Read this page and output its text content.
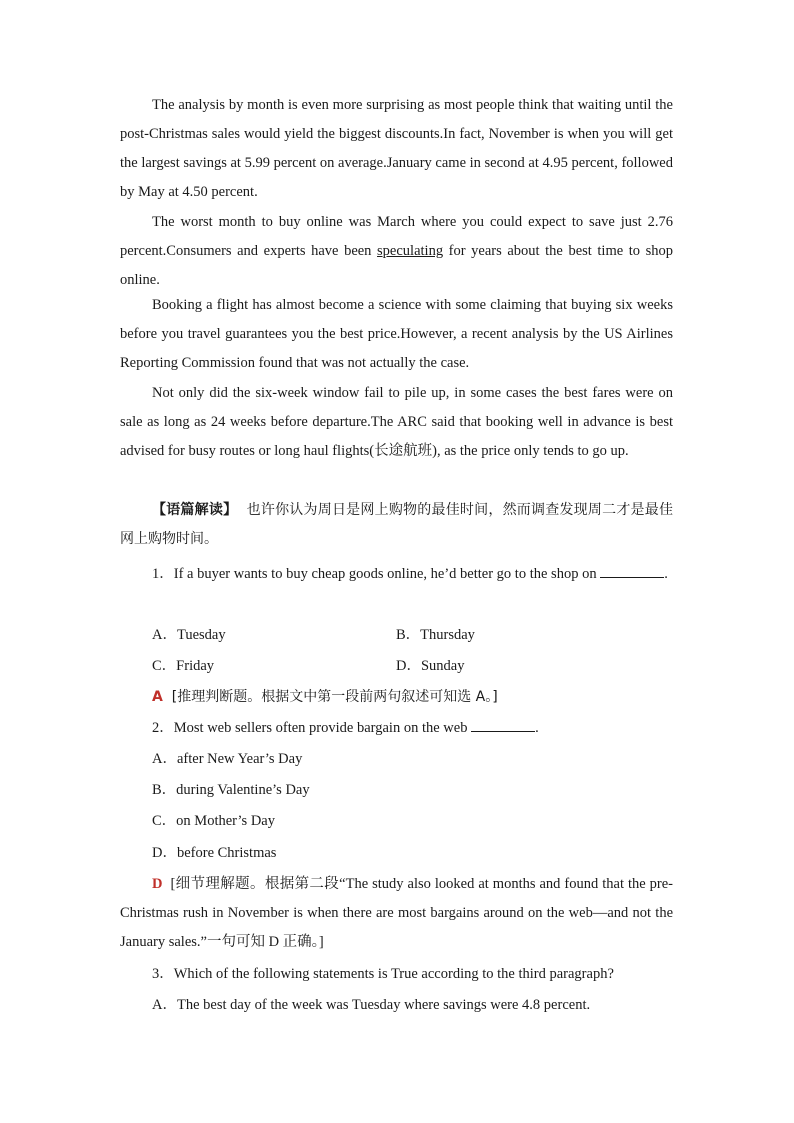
The analysis by month is even more surprising as most people think that waiting until the post-Christmas sales would yield the biggest discounts.In fact, November is when you will get the largest savings at 5.99 percent on average.January came in second at 4.95 percent, followed by May at 4.50 percent.

The worst month to buy online was March where you could expect to save just 2.76 percent.Consumers and experts have been speculating for years about the best time to shop online.

Booking a flight has almost become a science with some claiming that buying six weeks before you travel guarantees you the best price.However, a recent analysis by the US Airlines Reporting Commission found that was not actually the case.

Not only did the six-week window fail to pile up, in some cases the best fares were on sale as long as 24 weeks before departure.The ARC said that booking well in advance is best advised for busy routes or long haul flights(长途航班), as the price only tends to go up.

【语篇解读】 也许你认为周日是网上购物的最佳时间，然而调查发现周二才是最佳网上购物时间。

1．If a buyer wants to buy cheap goods online, he’d better go to the shop on	.

A．Tuesday	B．Thursday
C．Friday	D．Sunday
A [推理判断题。根据文中第一段前两句叙述可知选 A。]
2．Most web sellers often provide bargain on the web	.
A．after New Year’s Day
B．during Valentine’s Day
C．on Mother’s Day
D．before Christmas

D [细节理解题。根据第二段“The study also looked at months and found that the pre-Christmas rush in November is when there are most bargains around on the web—and not the January sales.”一句可知 D 正确。]

3．Which of the following statements is True according to the third paragraph?
A．The best day of the week was Tuesday where savings were 4.8 percent.
